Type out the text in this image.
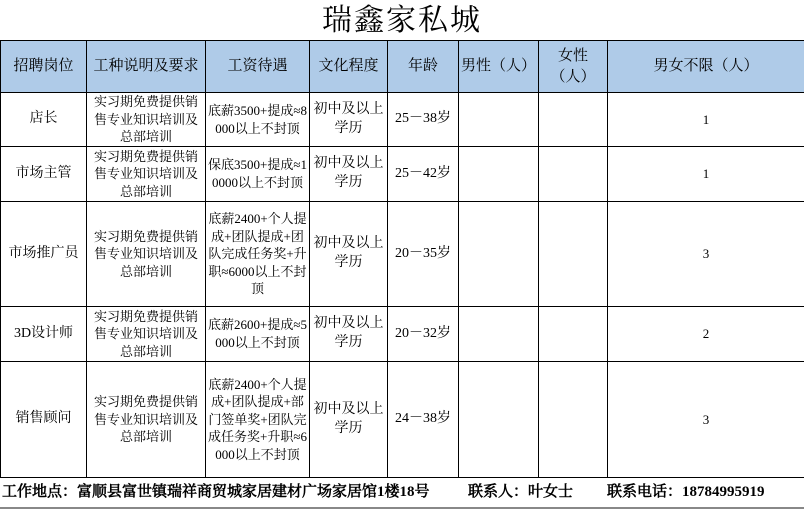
瑞鑫家私城
招聘岗位	工种说明及要求	工资待遇	文化程度	年龄	男性（人）	女性（人）	男女不限（人）
店长	实习期免费提供销售专业知识培训及总部培训	底薪3500+提成≈8000以上不封顶	初中及以上学历	25－38岁			1
市场主管	实习期免费提供销售专业知识培训及总部培训	保底3500+提成≈10000以上不封顶	初中及以上学历	25－42岁			1
市场推广员	实习期免费提供销售专业知识培训及总部培训	底薪2400+个人提成+团队提成+团队完成任务奖+升职≈6000以上不封顶	初中及以上学历	20－35岁			3
3D设计师	实习期免费提供销售专业知识培训及总部培训	底薪2600+提成≈5000以上不封顶	初中及以上学历	20－32岁			2
销售顾问	实习期免费提供销售专业知识培训及总部培训	底薪2400+个人提成+团队提成+部门签单奖+团队完成任务奖+升职≈6000以上不封顶	初中及以上学历	24－38岁			3
工作地点：富顺县富世镇瑞祥商贸城家居建材广场家居馆1楼18号	联系人：叶女士 联系电话：18784995919
